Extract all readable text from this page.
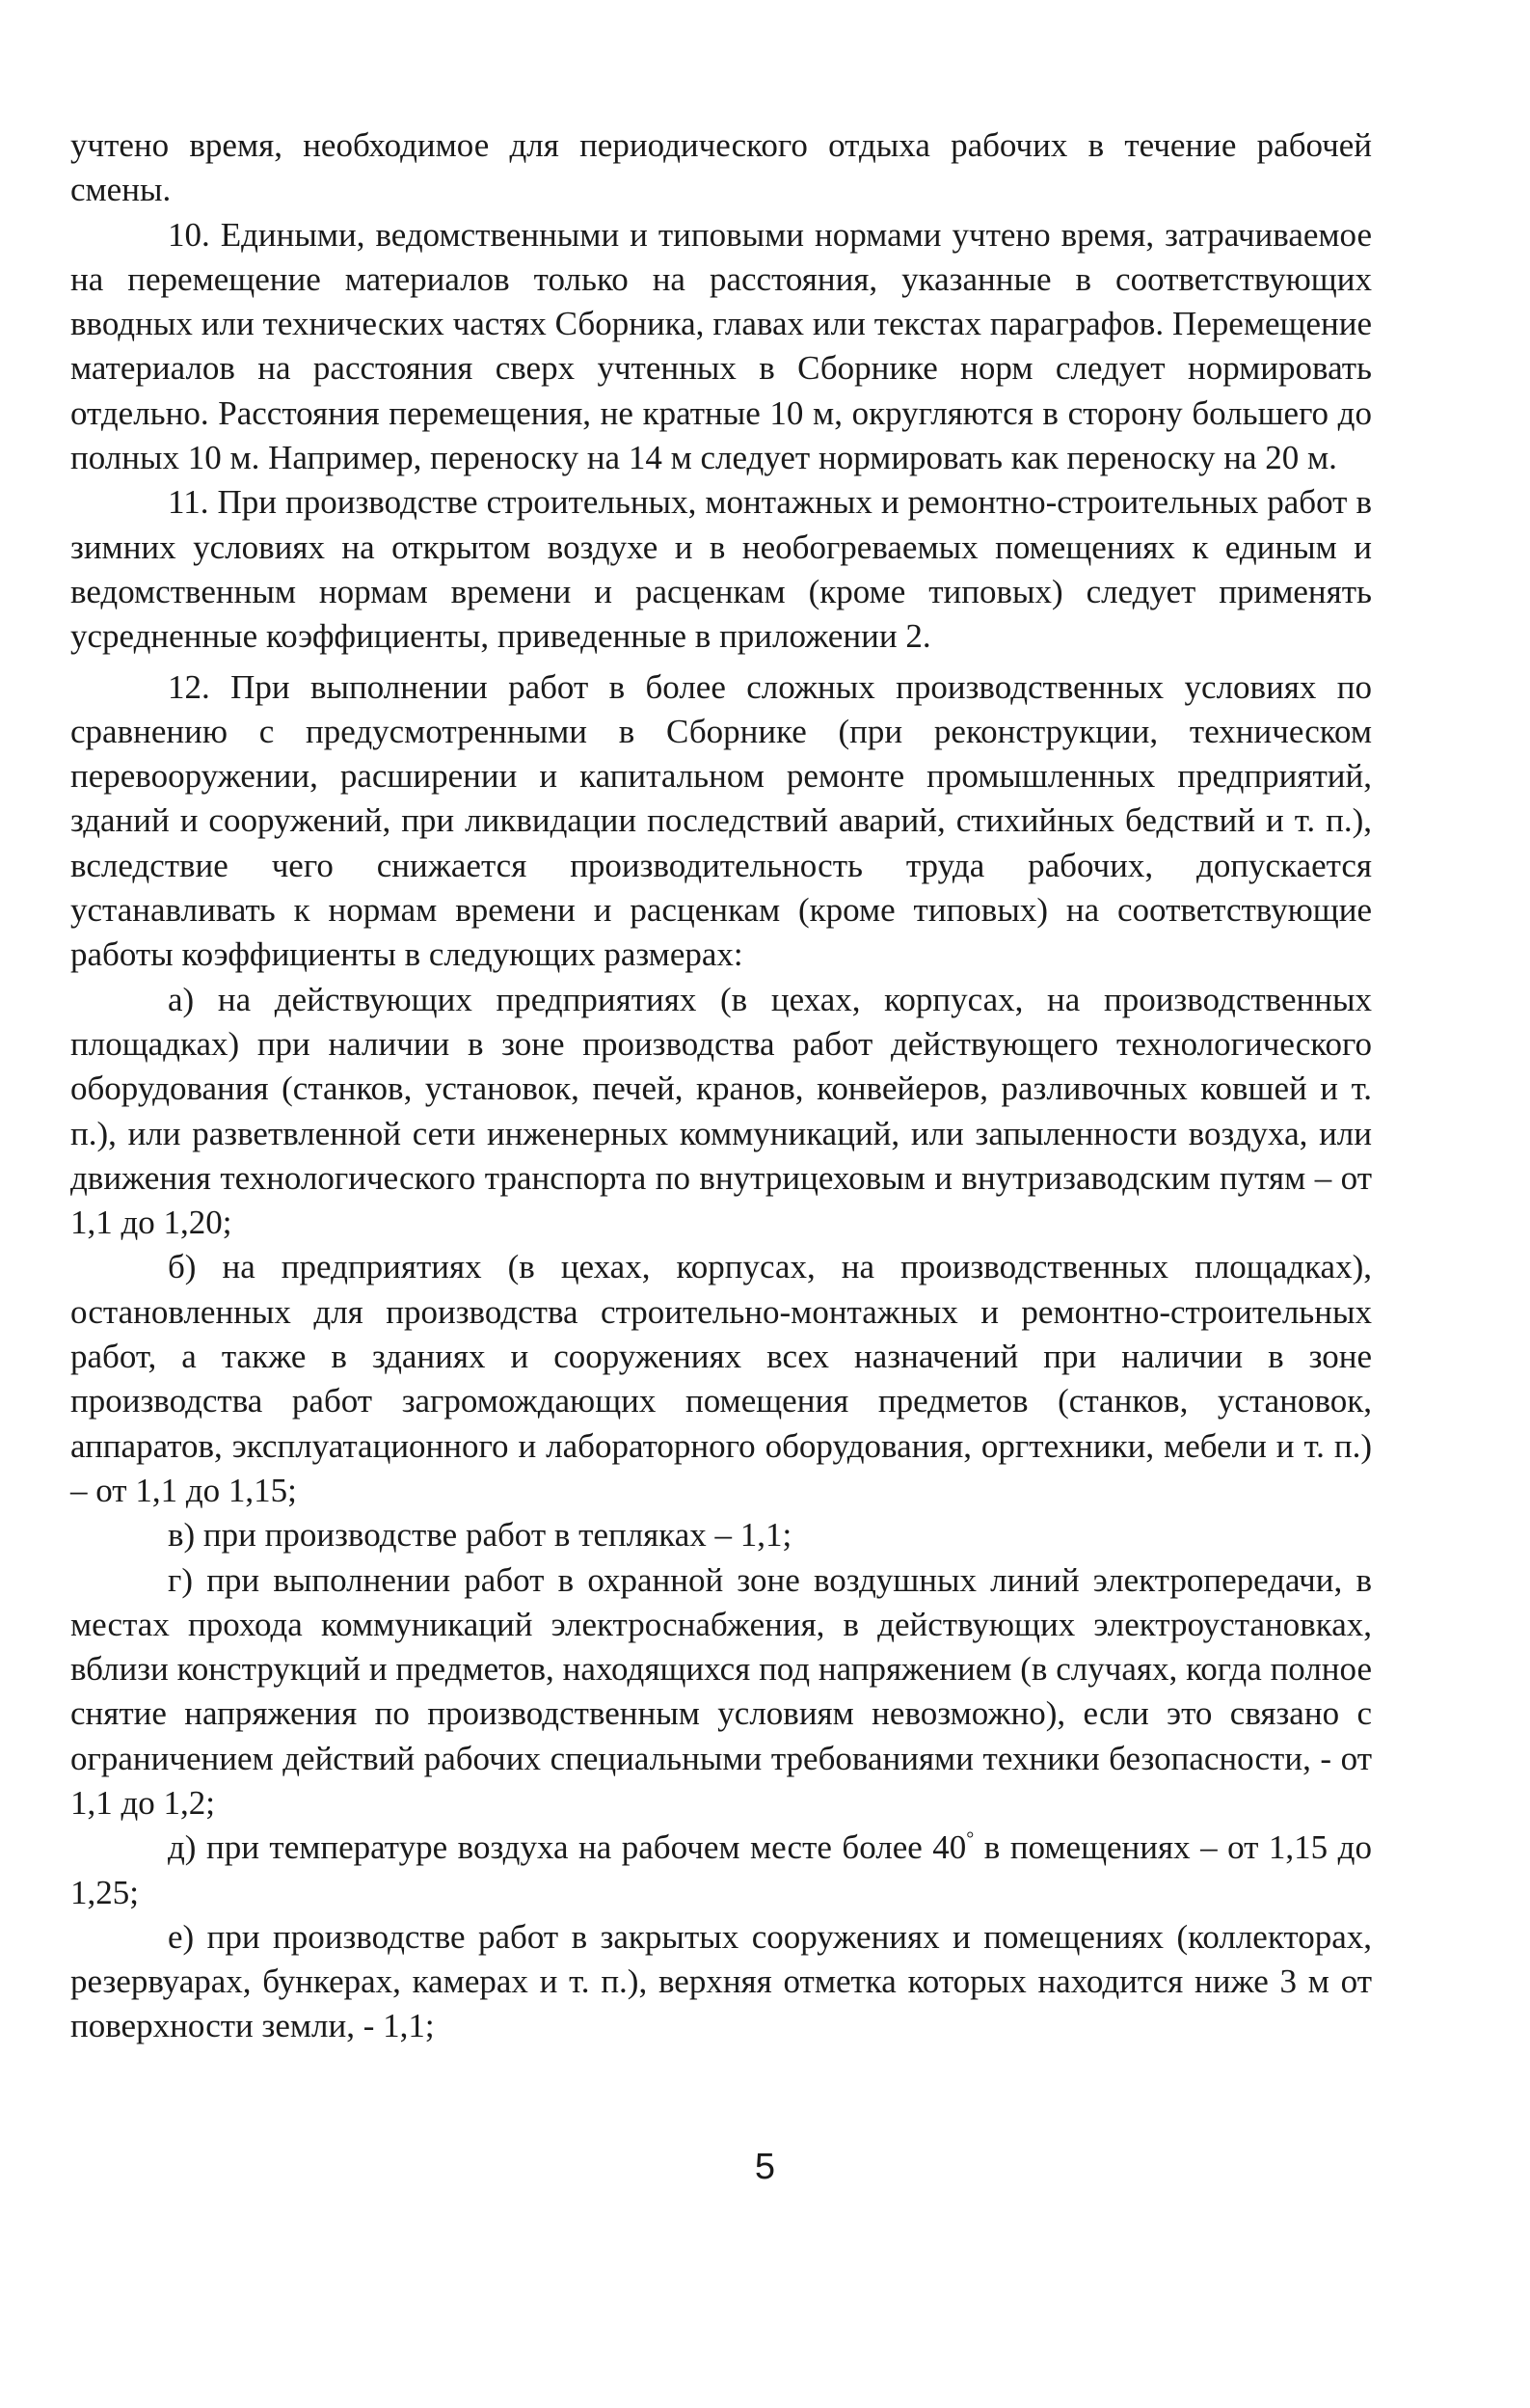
учтено время, необходимое для периодического отдыха рабочих в течение рабочей смены.

10. Едиными, ведомственными и типовыми нормами учтено время, затрачиваемое на перемещение материалов только на расстояния, указанные в соответствующих вводных или технических частях Сборника, главах или текстах параграфов. Перемещение материалов на расстояния сверх учтенных в Сборнике норм следует нормировать отдельно. Расстояния перемещения, не кратные 10 м, округляются в сторону большего до полных 10 м. Например, переноску на 14 м следует нормировать как переноску на 20 м.

11. При производстве строительных, монтажных и ремонтно-строительных работ в зимних условиях на открытом воздухе и в необогреваемых помещениях к единым и ведомственным нормам времени и расценкам (кроме типовых) следует применять усредненные коэффициенты, приведенные в приложении 2.

12. При выполнении работ в более сложных производственных условиях по сравнению с предусмотренными в Сборнике (при реконструкции, техническом перевооружении, расширении и капитальном ремонте промышленных предприятий, зданий и сооружений, при ликвидации последствий аварий, стихийных бедствий и т. п.), вследствие чего снижается производительность труда рабочих, допускается устанавливать к нормам времени и расценкам (кроме типовых) на соответствующие работы коэффициенты в следующих размерах:

а) на действующих предприятиях (в цехах, корпусах, на производственных площадках) при наличии в зоне производства работ действующего технологического оборудования (станков, установок, печей, кранов, конвейеров, разливочных ковшей и т. п.), или разветвленной сети инженерных коммуникаций, или запыленности воздуха, или движения технологического транспорта по внутрицеховым и внутризаводским путям – от 1,1 до 1,20;

б) на предприятиях (в цехах, корпусах, на производственных площадках), остановленных для производства строительно-монтажных и ремонтно-строительных работ, а также в зданиях и сооружениях всех назначений при наличии в зоне производства работ загромождающих помещения предметов (станков, установок, аппаратов, эксплуатационного и лабораторного оборудования, оргтехники, мебели и т. п.) – от 1,1 до 1,15;

в) при производстве работ в тепляках – 1,1;

г) при выполнении работ в охранной зоне воздушных линий электропередачи, в местах прохода коммуникаций электроснабжения, в действующих электроустановках, вблизи конструкций и предметов, находящихся под напряжением (в случаях, когда полное снятие напряжения по производственным условиям невозможно), если это связано с ограничением действий рабочих специальными требованиями техники безопасности, - от 1,1 до 1,2;

д) при температуре воздуха на рабочем месте более 40° в помещениях – от 1,15 до 1,25;

е) при производстве работ в закрытых сооружениях и помещениях (коллекторах, резервуарах, бункерах, камерах и т. п.), верхняя отметка которых находится ниже 3 м от поверхности земли, - 1,1;

5
